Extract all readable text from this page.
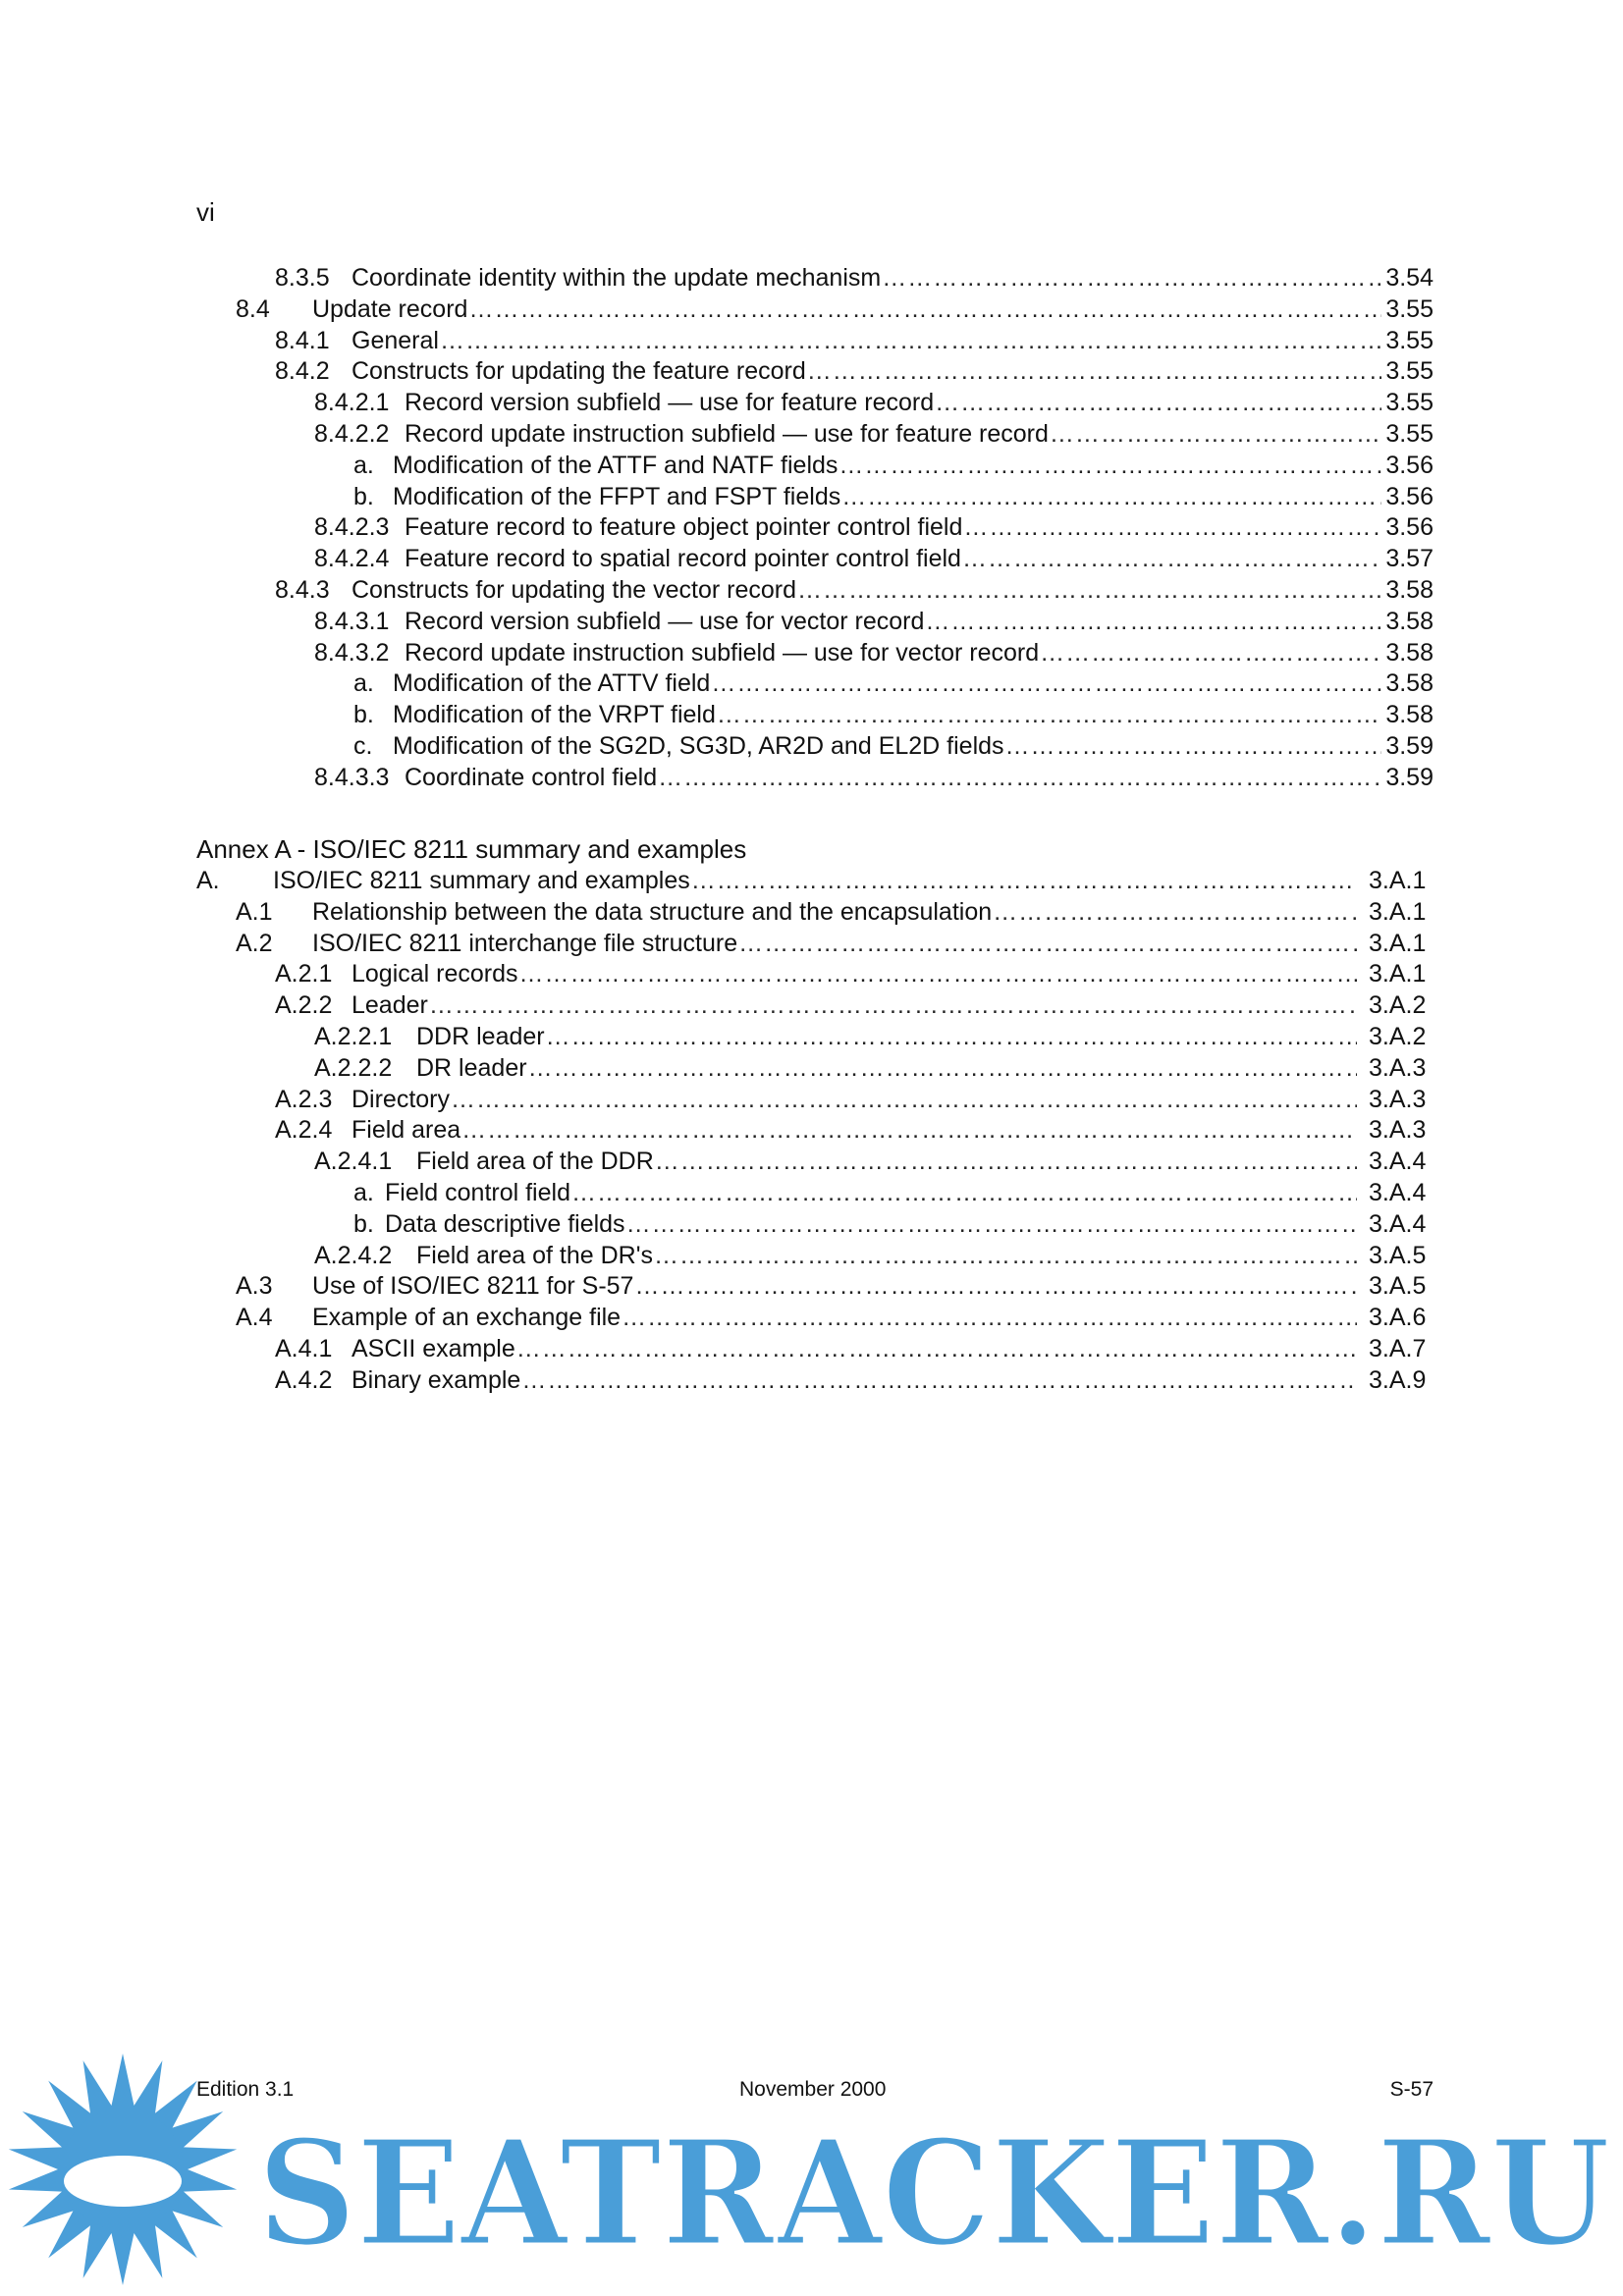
vi
8.3.5 Coordinate identity within the update mechanism …………………………………………………………………………………………………………………………………………………………………………………………………………………………………	3.54
8.4	Update record …………………………………………………………………………………………………………………………………………………………………………………………………………………………………	3.55
8.4.1 General …………………………………………………………………………………………………………………………………………………………………………………………………………………………………	3.55
8.4.2 Constructs for updating the feature record …………………………………………………………………………………………………………………………………………………………………………………………………………………………………	3.55
8.4.2.1 Record version subfield — use for feature record …………………………………………………………………………………………………………………………………………………………………………………………………………………………………	3.55
8.4.2.2 Record update instruction subfield — use for feature record …………………………………………………………………………………………………………………………………………………………………………………………………………………………………	3.55
a. Modification of the ATTF and NATF fields …………………………………………………………………………………………………………………………………………………………………………………………………………………………………	3.56
b. Modification of the FFPT and FSPT fields …………………………………………………………………………………………………………………………………………………………………………………………………………………………………	3.56
8.4.2.3 Feature record to feature object pointer control field …………………………………………………………………………………………………………………………………………………………………………………………………………………………………	3.56
8.4.2.4 Feature record to spatial record pointer control field …………………………………………………………………………………………………………………………………………………………………………………………………………………………………	3.57
8.4.3 Constructs for updating the vector record …………………………………………………………………………………………………………………………………………………………………………………………………………………………………	3.58
8.4.3.1 Record version subfield — use for vector record …………………………………………………………………………………………………………………………………………………………………………………………………………………………………	3.58
8.4.3.2 Record update instruction subfield — use for vector record …………………………………………………………………………………………………………………………………………………………………………………………………………………………………	3.58
a. Modification of the ATTV field …………………………………………………………………………………………………………………………………………………………………………………………………………………………………	3.58
b. Modification of the VRPT field …………………………………………………………………………………………………………………………………………………………………………………………………………………………………	3.58
c. Modification of the SG2D, SG3D, AR2D and EL2D fields …………………………………………………………………………………………………………………………………………………………………………………………………………………………………	3.59
8.4.3.3 Coordinate control field …………………………………………………………………………………………………………………………………………………………………………………………………………………………………	3.59
Annex A - ISO/IEC 8211 summary and examples
A.	ISO/IEC 8211 summary and examples …………………………………………………………………………………………………………………………………………………………………………………………………………………………………	3.A.1
A.1	Relationship between the data structure and the encapsulation …………………………………………………………………………………………………………………………………………………………………………………………………………………………………	3.A.1
A.2	ISO/IEC 8211 interchange file structure …………………………………………………………………………………………………………………………………………………………………………………………………………………………………	3.A.1
A.2.1 Logical records …………………………………………………………………………………………………………………………………………………………………………………………………………………………………	3.A.1
A.2.2 Leader …………………………………………………………………………………………………………………………………………………………………………………………………………………………………	3.A.2
A.2.2.1 DDR leader …………………………………………………………………………………………………………………………………………………………………………………………………………………………………	3.A.2
A.2.2.2 DR leader …………………………………………………………………………………………………………………………………………………………………………………………………………………………………	3.A.3
A.2.3 Directory …………………………………………………………………………………………………………………………………………………………………………………………………………………………………	3.A.3
A.2.4 Field area …………………………………………………………………………………………………………………………………………………………………………………………………………………………………	3.A.3
A.2.4.1 Field area of the DDR …………………………………………………………………………………………………………………………………………………………………………………………………………………………………	3.A.4
a. Field control field …………………………………………………………………………………………………………………………………………………………………………………………………………………………………	3.A.4
b. Data descriptive fields …………………………………………………………………………………………………………………………………………………………………………………………………………………………………	3.A.4
A.2.4.2 Field area of the DR's …………………………………………………………………………………………………………………………………………………………………………………………………………………………………	3.A.5
A.3	Use of ISO/IEC 8211 for S-57 …………………………………………………………………………………………………………………………………………………………………………………………………………………………………	3.A.5
A.4	Example of an exchange file …………………………………………………………………………………………………………………………………………………………………………………………………………………………………	3.A.6
A.4.1 ASCII example …………………………………………………………………………………………………………………………………………………………………………………………………………………………………	3.A.7
A.4.2 Binary example …………………………………………………………………………………………………………………………………………………………………………………………………………………………………	3.A.9
Edition 3.1	November 2000	S-57
SEATRACKER.RU
